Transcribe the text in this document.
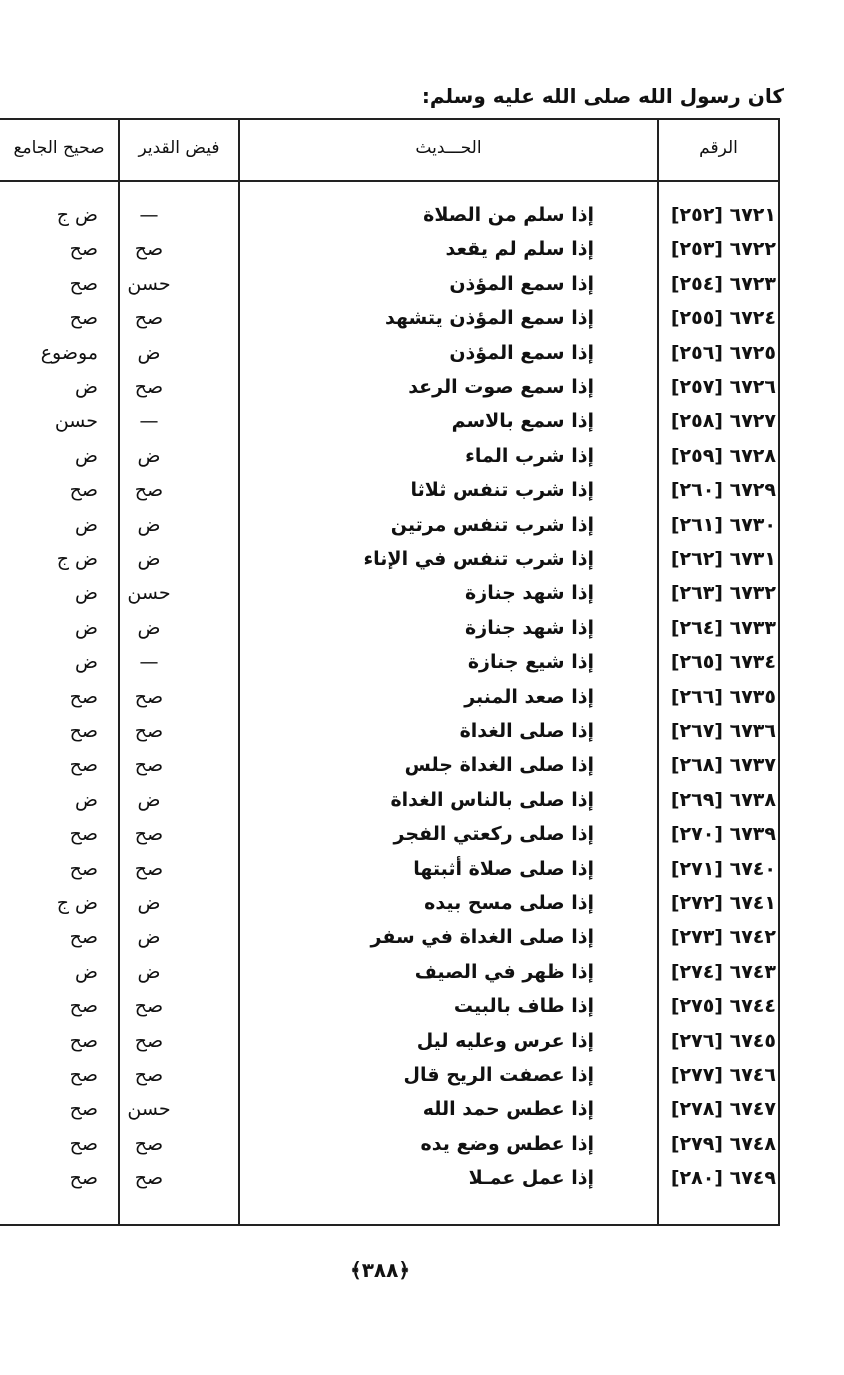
كان رسول الله صلى الله عليه وسلم:
الرقم
الحـــديث
فيض القدير
صحيح الجامع
٦٧٢١ [٢٥٢]
إذا سلم من الصلاة
—
ض ج
٦٧٢٢ [٢٥٣]
إذا سلم لم يقعد
صح
صح
٦٧٢٣ [٢٥٤]
إذا سمع المؤذن
حسن
صح
٦٧٢٤ [٢٥٥]
إذا سمع المؤذن يتشهد
صح
صح
٦٧٢٥ [٢٥٦]
إذا سمع المؤذن
ض
موضوع
٦٧٢٦ [٢٥٧]
إذا سمع صوت الرعد
صح
ض
٦٧٢٧ [٢٥٨]
إذا سمع بالاسم
—
حسن
٦٧٢٨ [٢٥٩]
إذا شرب الماء
ض
ض
٦٧٢٩ [٢٦٠]
إذا شرب تنفس ثلاثا
صح
صح
٦٧٣٠ [٢٦١]
إذا شرب تنفس مرتين
ض
ض
٦٧٣١ [٢٦٢]
إذا شرب تنفس في الإناء
ض
ض ج
٦٧٣٢ [٢٦٣]
إذا شهد جنازة
حسن
ض
٦٧٣٣ [٢٦٤]
إذا شهد جنازة
ض
ض
٦٧٣٤ [٢٦٥]
إذا شيع جنازة
—
ض
٦٧٣٥ [٢٦٦]
إذا صعد المنبر
صح
صح
٦٧٣٦ [٢٦٧]
إذا صلى الغداة
صح
صح
٦٧٣٧ [٢٦٨]
إذا صلى الغداة جلس
صح
صح
٦٧٣٨ [٢٦٩]
إذا صلى بالناس الغداة
ض
ض
٦٧٣٩ [٢٧٠]
إذا صلى ركعتي الفجر
صح
صح
٦٧٤٠ [٢٧١]
إذا صلى صلاة أثبتها
صح
صح
٦٧٤١ [٢٧٢]
إذا صلى مسح بيده
ض
ض ج
٦٧٤٢ [٢٧٣]
إذا صلى الغداة في سفر
ض
صح
٦٧٤٣ [٢٧٤]
إذا ظهر في الصيف
ض
ض
٦٧٤٤ [٢٧٥]
إذا طاف بالبيت
صح
صح
٦٧٤٥ [٢٧٦]
إذا عرس وعليه ليل
صح
صح
٦٧٤٦ [٢٧٧]
إذا عصفت الريح قال
صح
صح
٦٧٤٧ [٢٧٨]
إذا عطس حمد الله
حسن
صح
٦٧٤٨ [٢٧٩]
إذا عطس وضع يده
صح
صح
٦٧٤٩ [٢٨٠]
إذا عمل عمـلا
صح
صح
﴿٣٨٨﴾
